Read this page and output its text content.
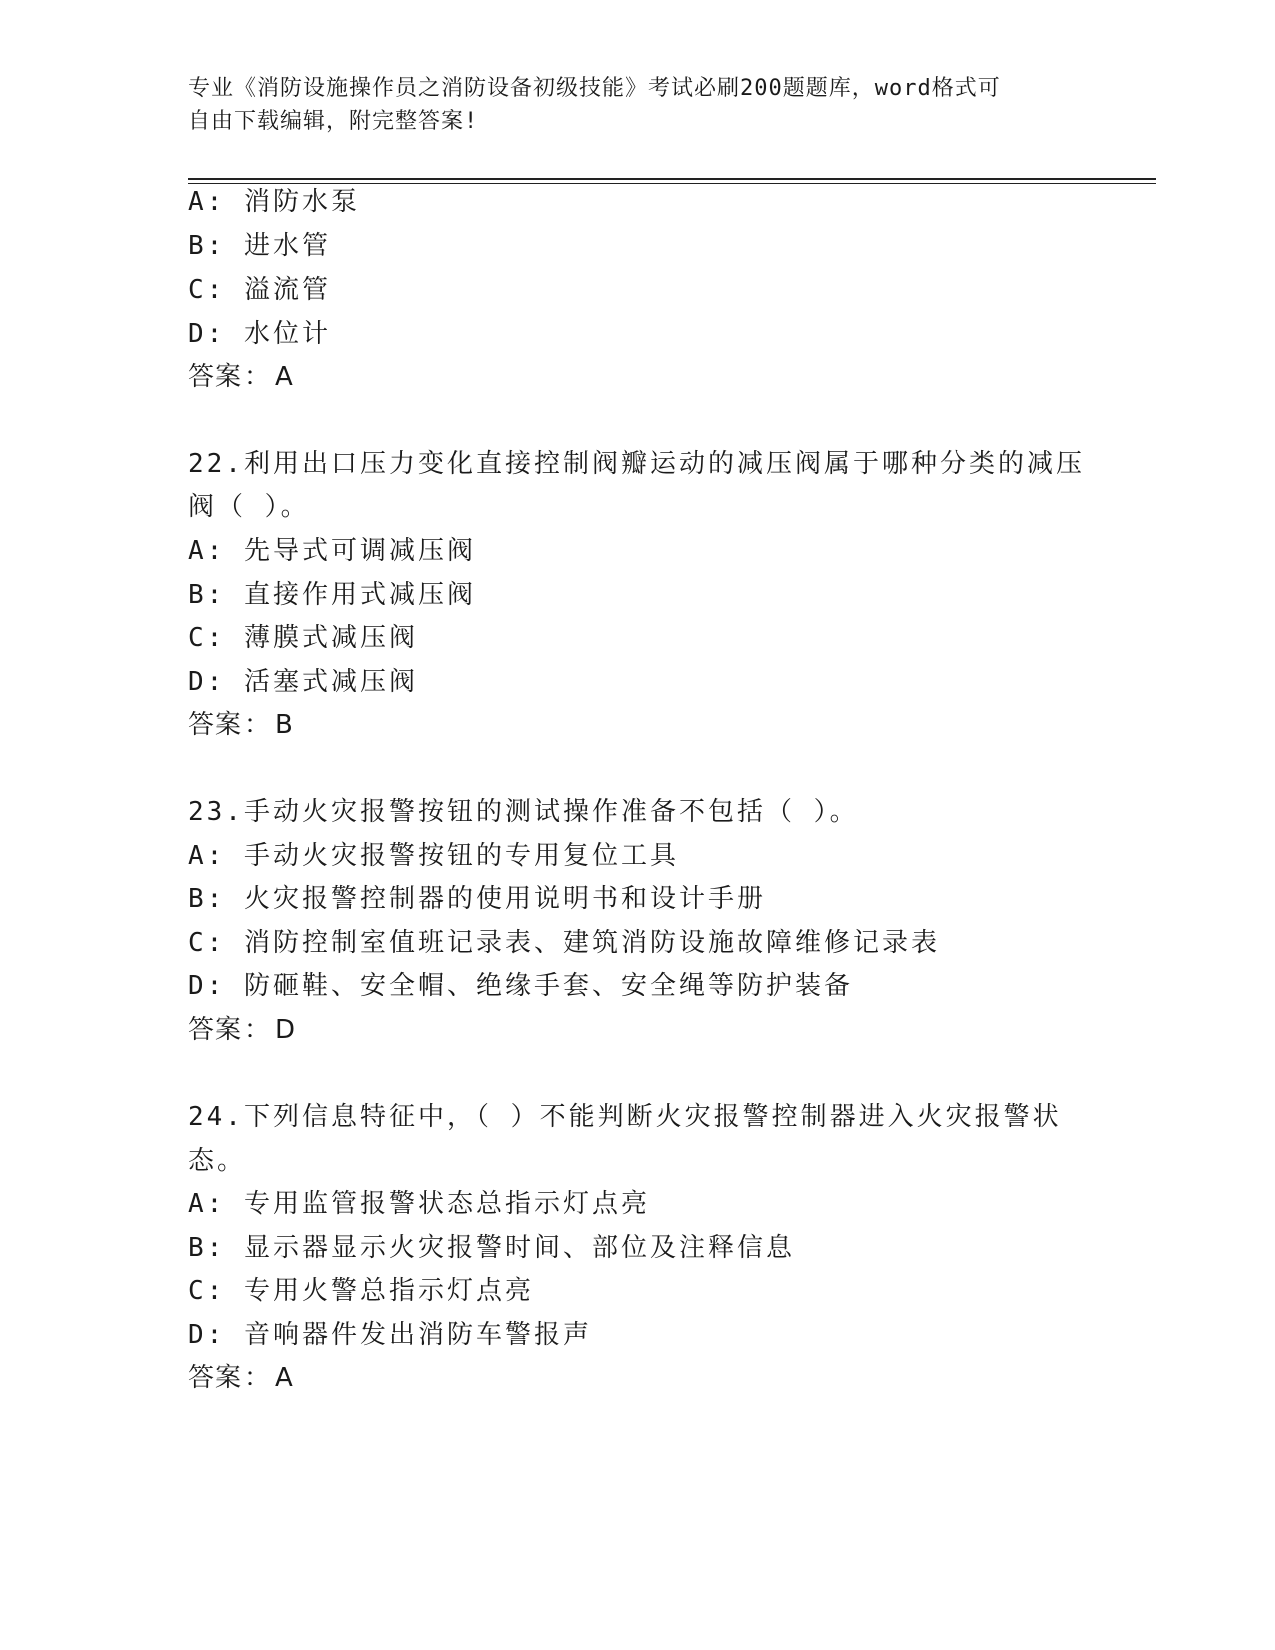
专业《消防设施操作员之消防设备初级技能》考试必刷200题题库，word格式可
自由下载编辑，附完整答案!
A: 消防水泵
B: 进水管
C: 溢流管
D: 水位计
答案： A
22.利用出口压力变化直接控制阀瓣运动的减压阀属于哪种分类的减压
阀（ ）。
A: 先导式可调减压阀
B: 直接作用式减压阀
C: 薄膜式减压阀
D: 活塞式减压阀
答案： B
23.手动火灾报警按钮的测试操作准备不包括（ ）。
A: 手动火灾报警按钮的专用复位工具
B: 火灾报警控制器的使用说明书和设计手册
C: 消防控制室值班记录表、建筑消防设施故障维修记录表
D: 防砸鞋、安全帽、绝缘手套、安全绳等防护装备
答案： D
24.下列信息特征中，（ ）不能判断火灾报警控制器进入火灾报警状
态。
A: 专用监管报警状态总指示灯点亮
B: 显示器显示火灾报警时间、部位及注释信息
C: 专用火警总指示灯点亮
D: 音响器件发出消防车警报声
答案： A
